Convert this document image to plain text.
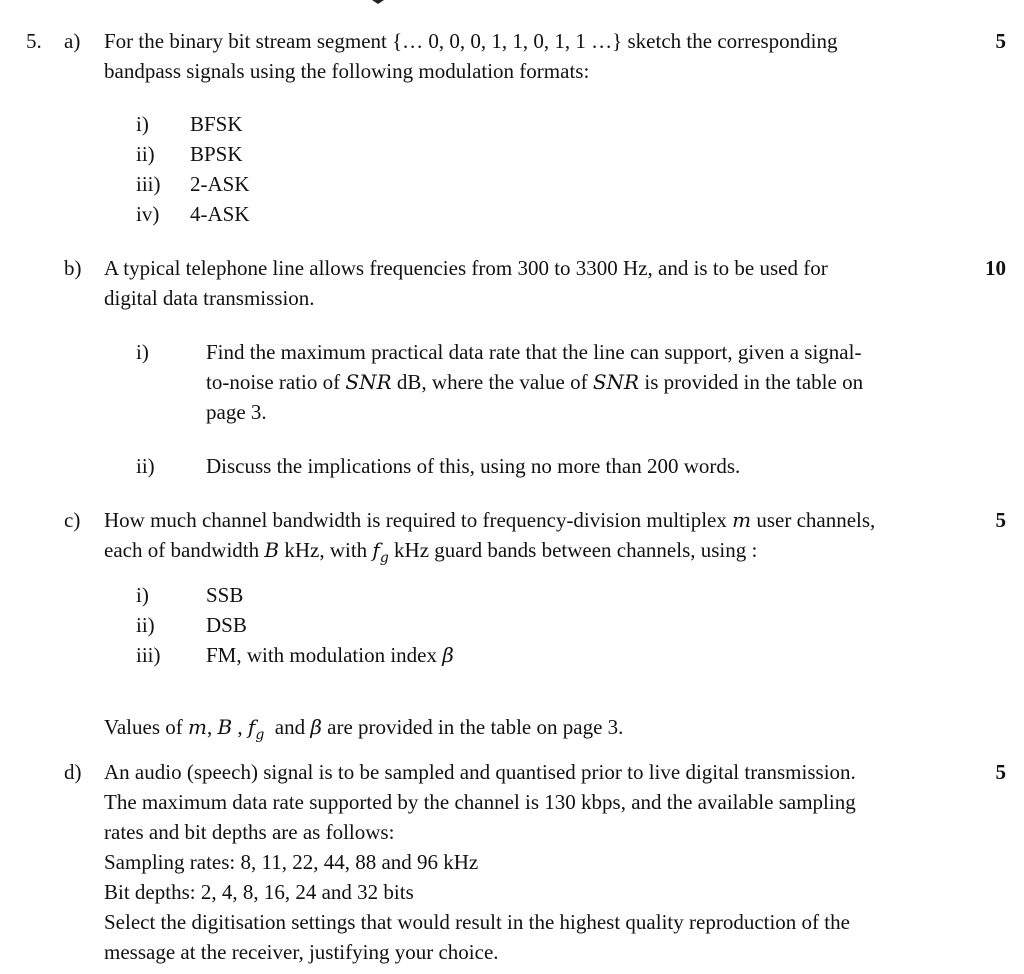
5. a) For the binary bit stream segment {… 0, 0, 0, 1, 1, 0, 1, 1 …} sketch the corresponding
bandpass signals using the following modulation formats:
5
i) BFSK
ii) BPSK
iii) 2-ASK
iv) 4-ASK
b) A typical telephone line allows frequencies from 300 to 3300 Hz, and is to be used for
digital data transmission.
10
i)	Find the maximum practical data rate that the line can support, given a signal-
to-noise ratio of SNR dB, where the value of SNR is provided in the table on
page 3.
ii) Discuss the implications of this, using no more than 200 words.
c) How much channel bandwidth is required to frequency-division multiplex m user channels,
each of bandwidth B kHz, with $f_g$ kHz guard bands between channels, using :
5
i)	SSB
ii) DSB
iii) FM, with modulation index β
Values of m, B , $f_g$  and β are provided in the table on page 3.
d)	5
An audio (speech) signal is to be sampled and quantised prior to live digital transmission.
The maximum data rate supported by the channel is 130 kbps, and the available sampling
rates and bit depths are as follows:
Sampling rates: 8, 11, 22, 44, 88 and 96 kHz
Bit depths: 2, 4, 8, 16, 24 and 32 bits
Select the digitisation settings that would result in the highest quality reproduction of the
message at the receiver, justifying your choice.
